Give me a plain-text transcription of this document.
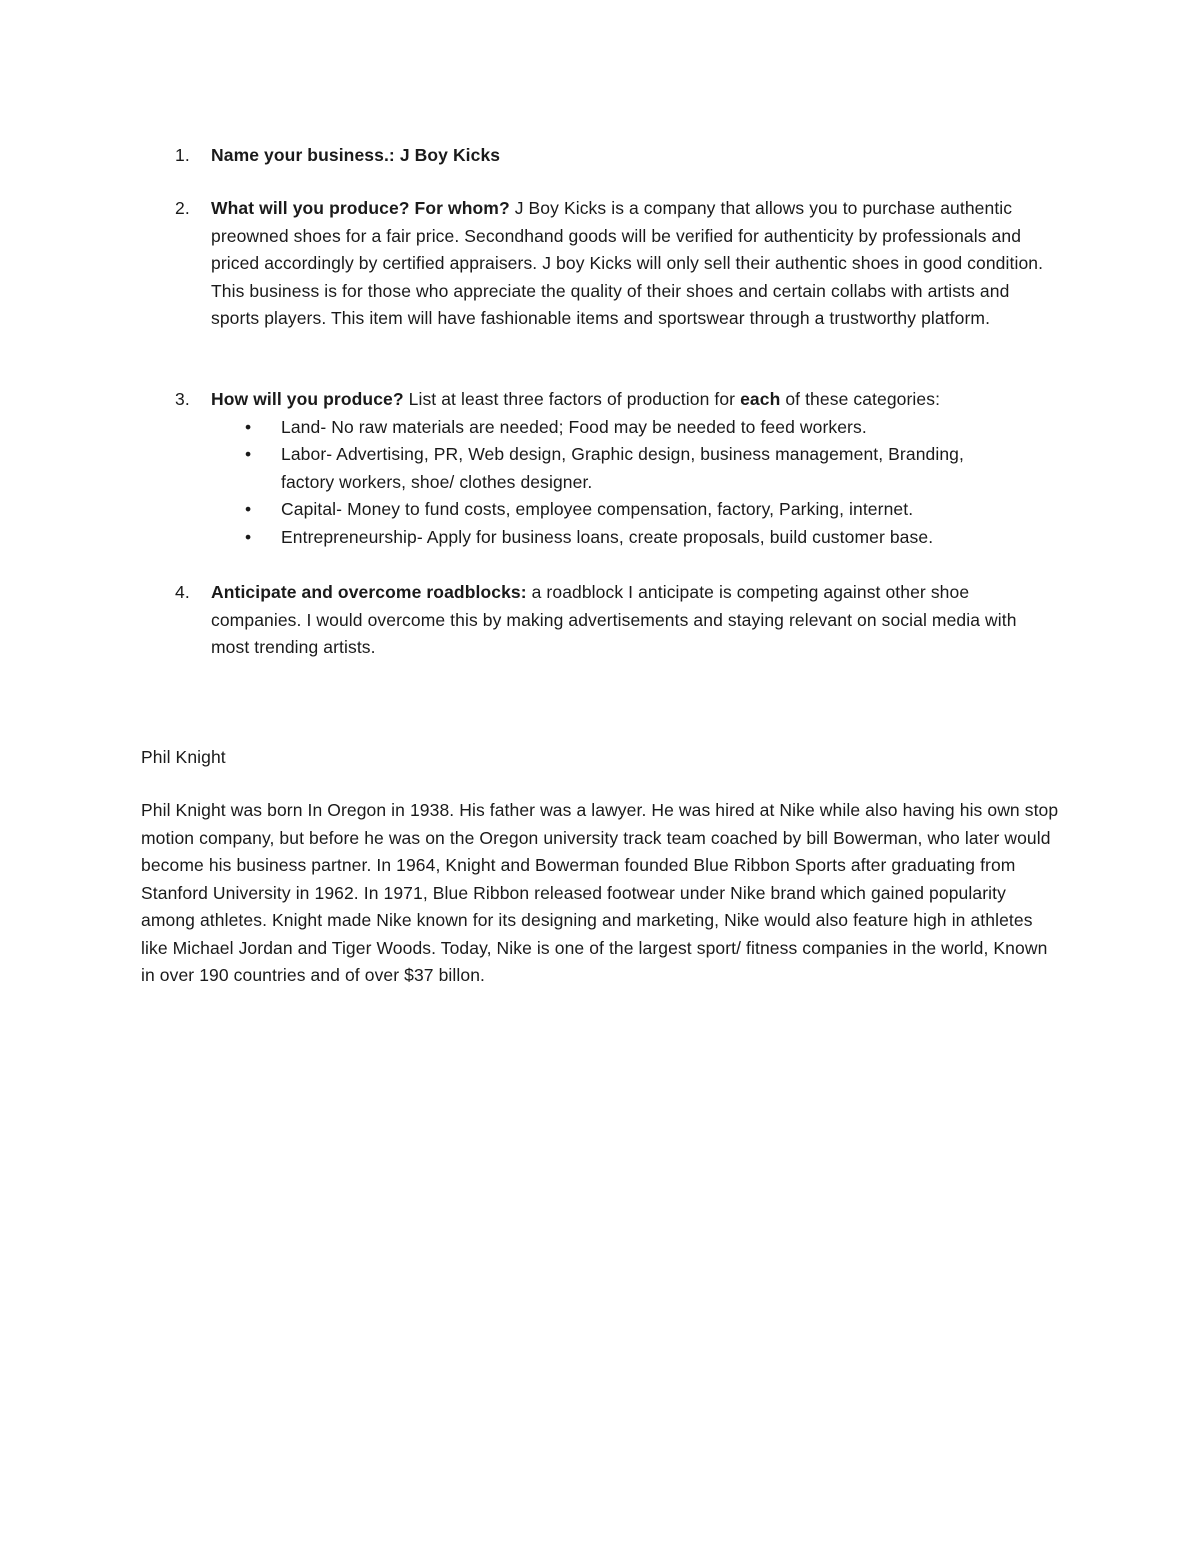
1. Name your business.: J Boy Kicks
2. What will you produce? For whom? J Boy Kicks is a company that allows you to purchase authentic preowned shoes for a fair price. Secondhand goods will be verified for authenticity by professionals and priced accordingly by certified appraisers. J boy Kicks will only sell their authentic shoes in good condition. This business is for those who appreciate the quality of their shoes and certain collabs with artists and sports players. This item will have fashionable items and sportswear through a trustworthy platform.
3. How will you produce? List at least three factors of production for each of these categories:
• Land- No raw materials are needed; Food may be needed to feed workers.
• Labor- Advertising, PR, Web design, Graphic design, business management, Branding, factory workers, shoe/ clothes designer.
• Capital- Money to fund costs, employee compensation, factory, Parking, internet.
• Entrepreneurship- Apply for business loans, create proposals, build customer base.
4. Anticipate and overcome roadblocks: a roadblock I anticipate is competing against other shoe companies. I would overcome this by making advertisements and staying relevant on social media with most trending artists.
Phil Knight
Phil Knight was born In Oregon in 1938. His father was a lawyer. He was hired at Nike while also having his own stop motion company, but before he was on the Oregon university track team coached by bill Bowerman, who later would become his business partner. In 1964, Knight and Bowerman founded Blue Ribbon Sports after graduating from Stanford University in 1962. In 1971, Blue Ribbon released footwear under Nike brand which gained popularity among athletes. Knight made Nike known for its designing and marketing, Nike would also feature high in athletes like Michael Jordan and Tiger Woods. Today, Nike is one of the largest sport/ fitness companies in the world, Known in over 190 countries and of over $37 billon.
